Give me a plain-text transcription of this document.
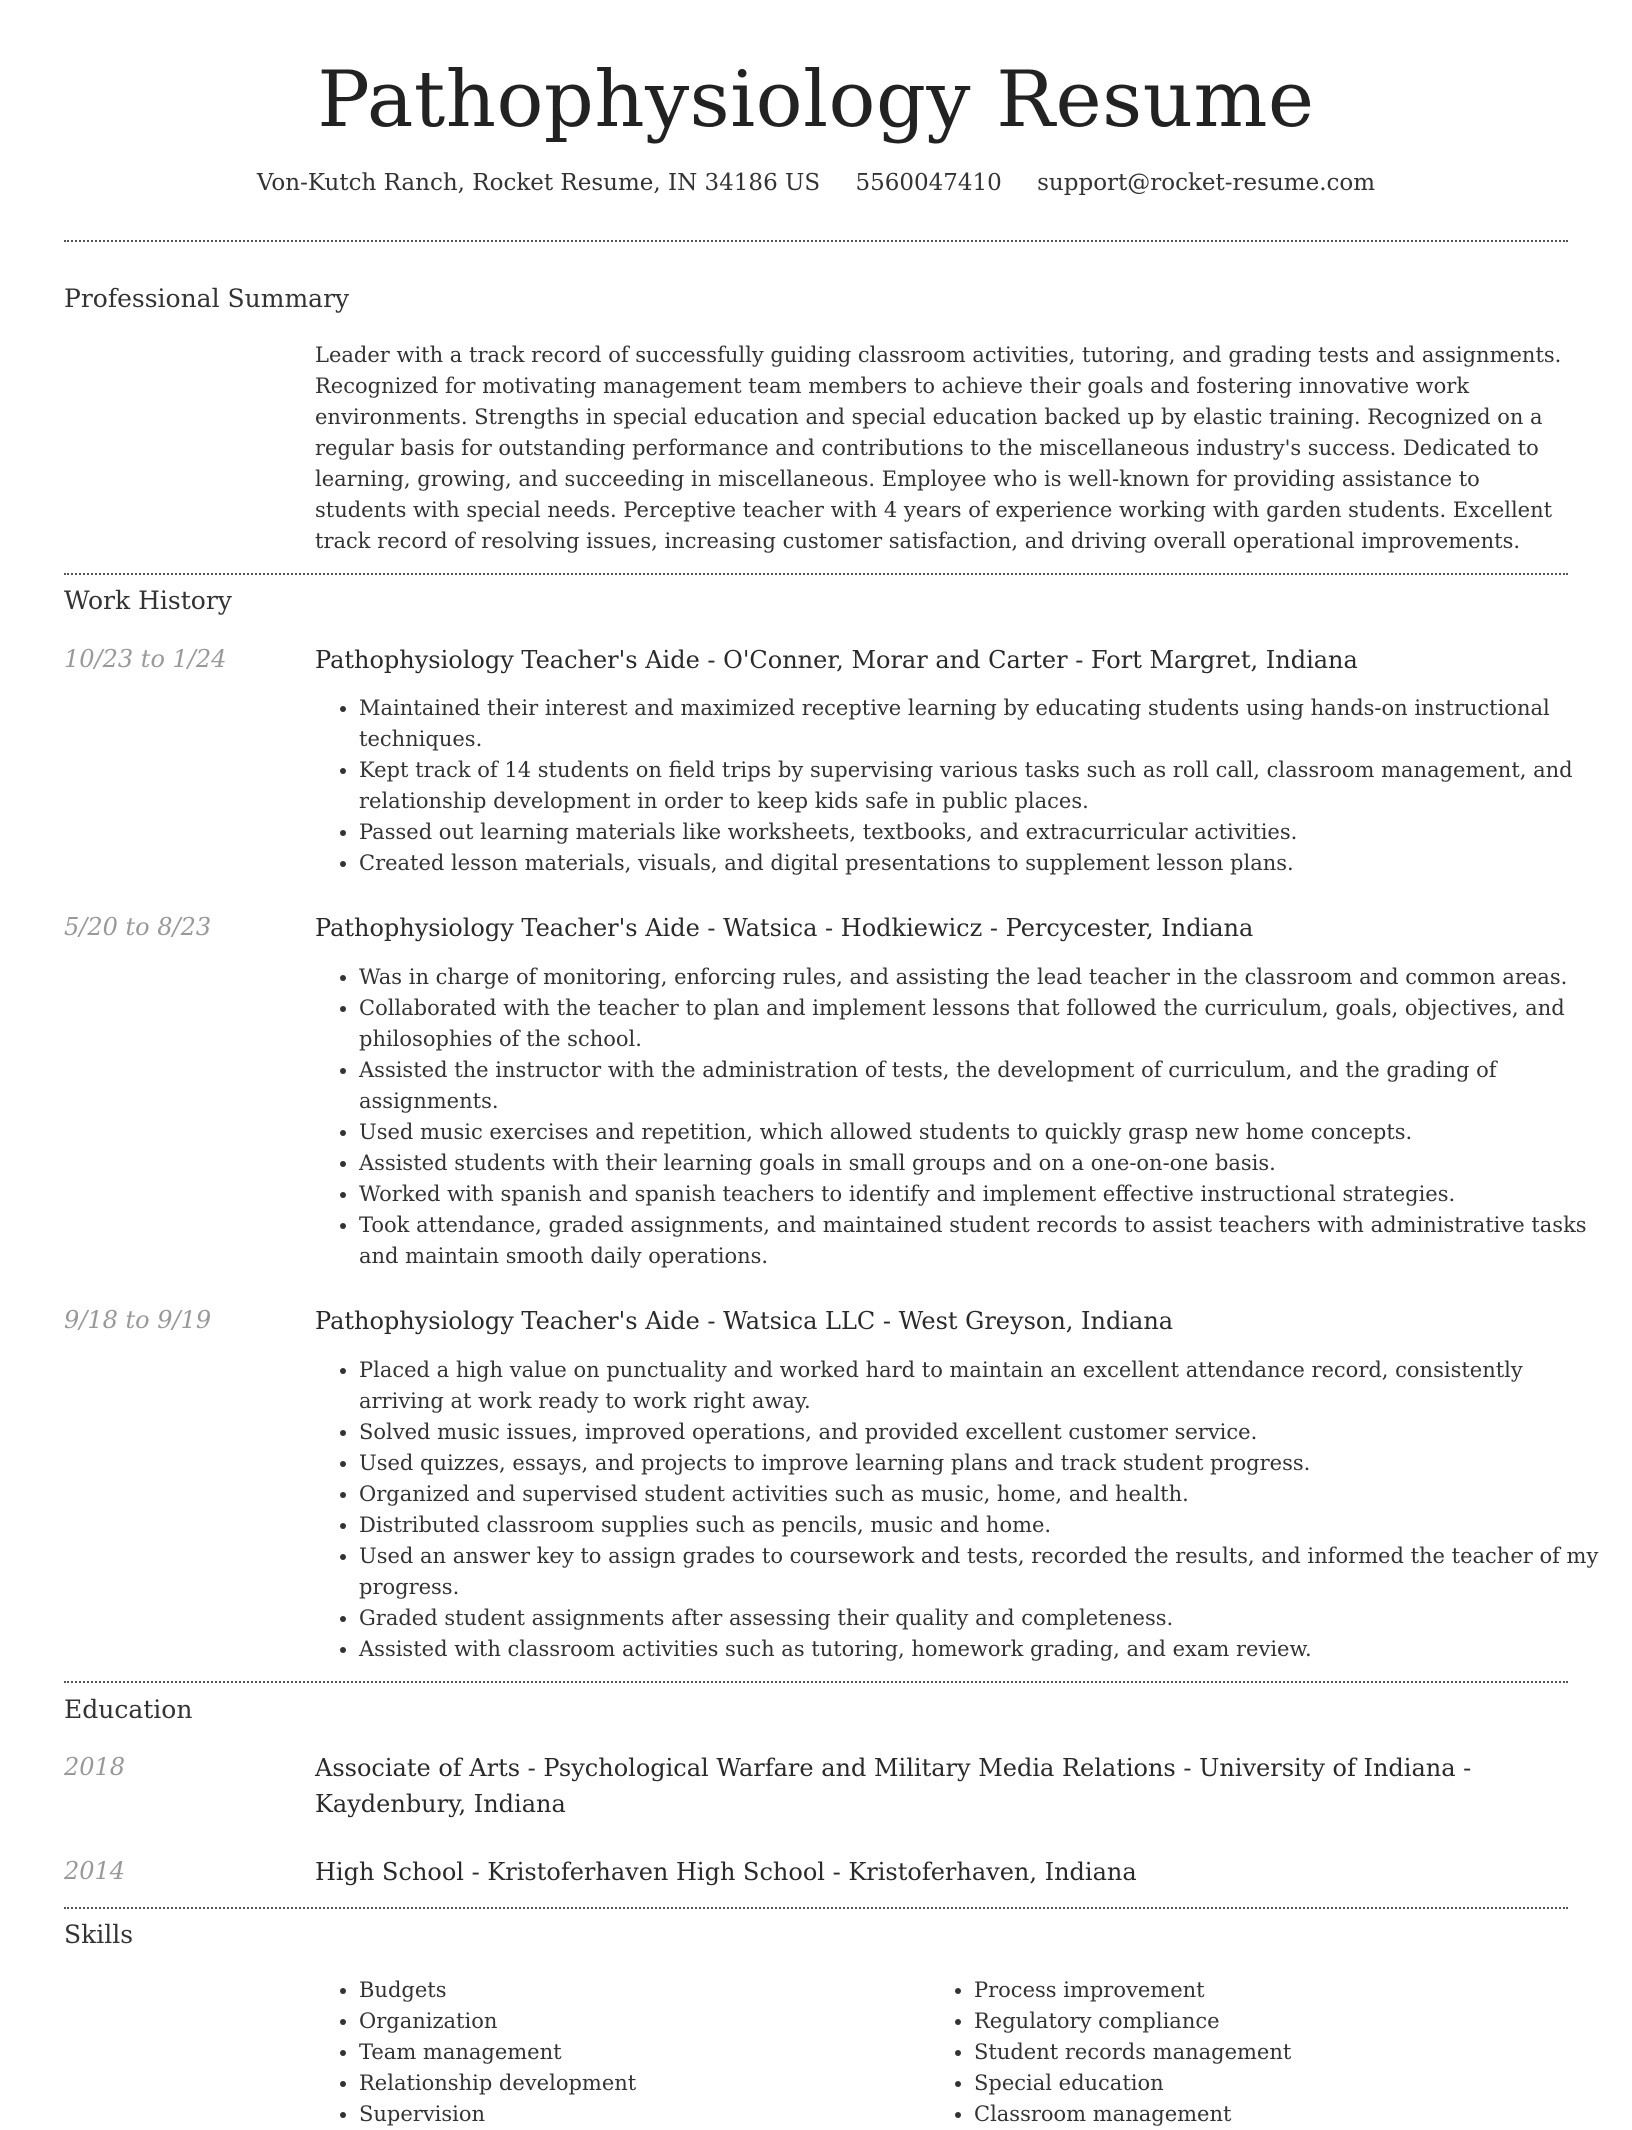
Pathophysiology Resume
Von-Kutch Ranch, Rocket Resume, IN 34186 US 5560047410 support@rocket-resume.com
Professional Summary
Leader with a track record of successfully guiding classroom activities, tutoring, and grading tests and assignments. Recognized for motivating management team members to achieve their goals and fostering innovative work environments. Strengths in special education and special education backed up by elastic training. Recognized on a regular basis for outstanding performance and contributions to the miscellaneous industry's success. Dedicated to learning, growing, and succeeding in miscellaneous. Employee who is well-known for providing assistance to students with special needs. Perceptive teacher with 4 years of experience working with garden students. Excellent track record of resolving issues, increasing customer satisfaction, and driving overall operational improvements.
Work History
10/23 to 1/24	Pathophysiology Teacher's Aide - O'Conner, Morar and Carter - Fort Margret, Indiana
• Maintained their interest and maximized receptive learning by educating students using hands-on instructional techniques.
• Kept track of 14 students on field trips by supervising various tasks such as roll call, classroom management, and relationship development in order to keep kids safe in public places.
• Passed out learning materials like worksheets, textbooks, and extracurricular activities.
• Created lesson materials, visuals, and digital presentations to supplement lesson plans.
5/20 to 8/23	Pathophysiology Teacher's Aide - Watsica - Hodkiewicz - Percycester, Indiana
• Was in charge of monitoring, enforcing rules, and assisting the lead teacher in the classroom and common areas.
• Collaborated with the teacher to plan and implement lessons that followed the curriculum, goals, objectives, and philosophies of the school.
• Assisted the instructor with the administration of tests, the development of curriculum, and the grading of assignments.
• Used music exercises and repetition, which allowed students to quickly grasp new home concepts.
• Assisted students with their learning goals in small groups and on a one-on-one basis.
• Worked with spanish and spanish teachers to identify and implement effective instructional strategies.
• Took attendance, graded assignments, and maintained student records to assist teachers with administrative tasks and maintain smooth daily operations.
9/18 to 9/19	Pathophysiology Teacher's Aide - Watsica LLC - West Greyson, Indiana
• Placed a high value on punctuality and worked hard to maintain an excellent attendance record, consistently arriving at work ready to work right away.
• Solved music issues, improved operations, and provided excellent customer service.
• Used quizzes, essays, and projects to improve learning plans and track student progress.
• Organized and supervised student activities such as music, home, and health.
• Distributed classroom supplies such as pencils, music and home.
• Used an answer key to assign grades to coursework and tests, recorded the results, and informed the teacher of my progress.
• Graded student assignments after assessing their quality and completeness.
• Assisted with classroom activities such as tutoring, homework grading, and exam review.
Education
2018	Associate of Arts - Psychological Warfare and Military Media Relations - University of Indiana - Kaydenbury, Indiana
2014	High School - Kristoferhaven High School - Kristoferhaven, Indiana
Skills
• Budgets
• Organization
• Team management
• Relationship development
• Supervision
• Process improvement
• Regulatory compliance
• Student records management
• Special education
• Classroom management
